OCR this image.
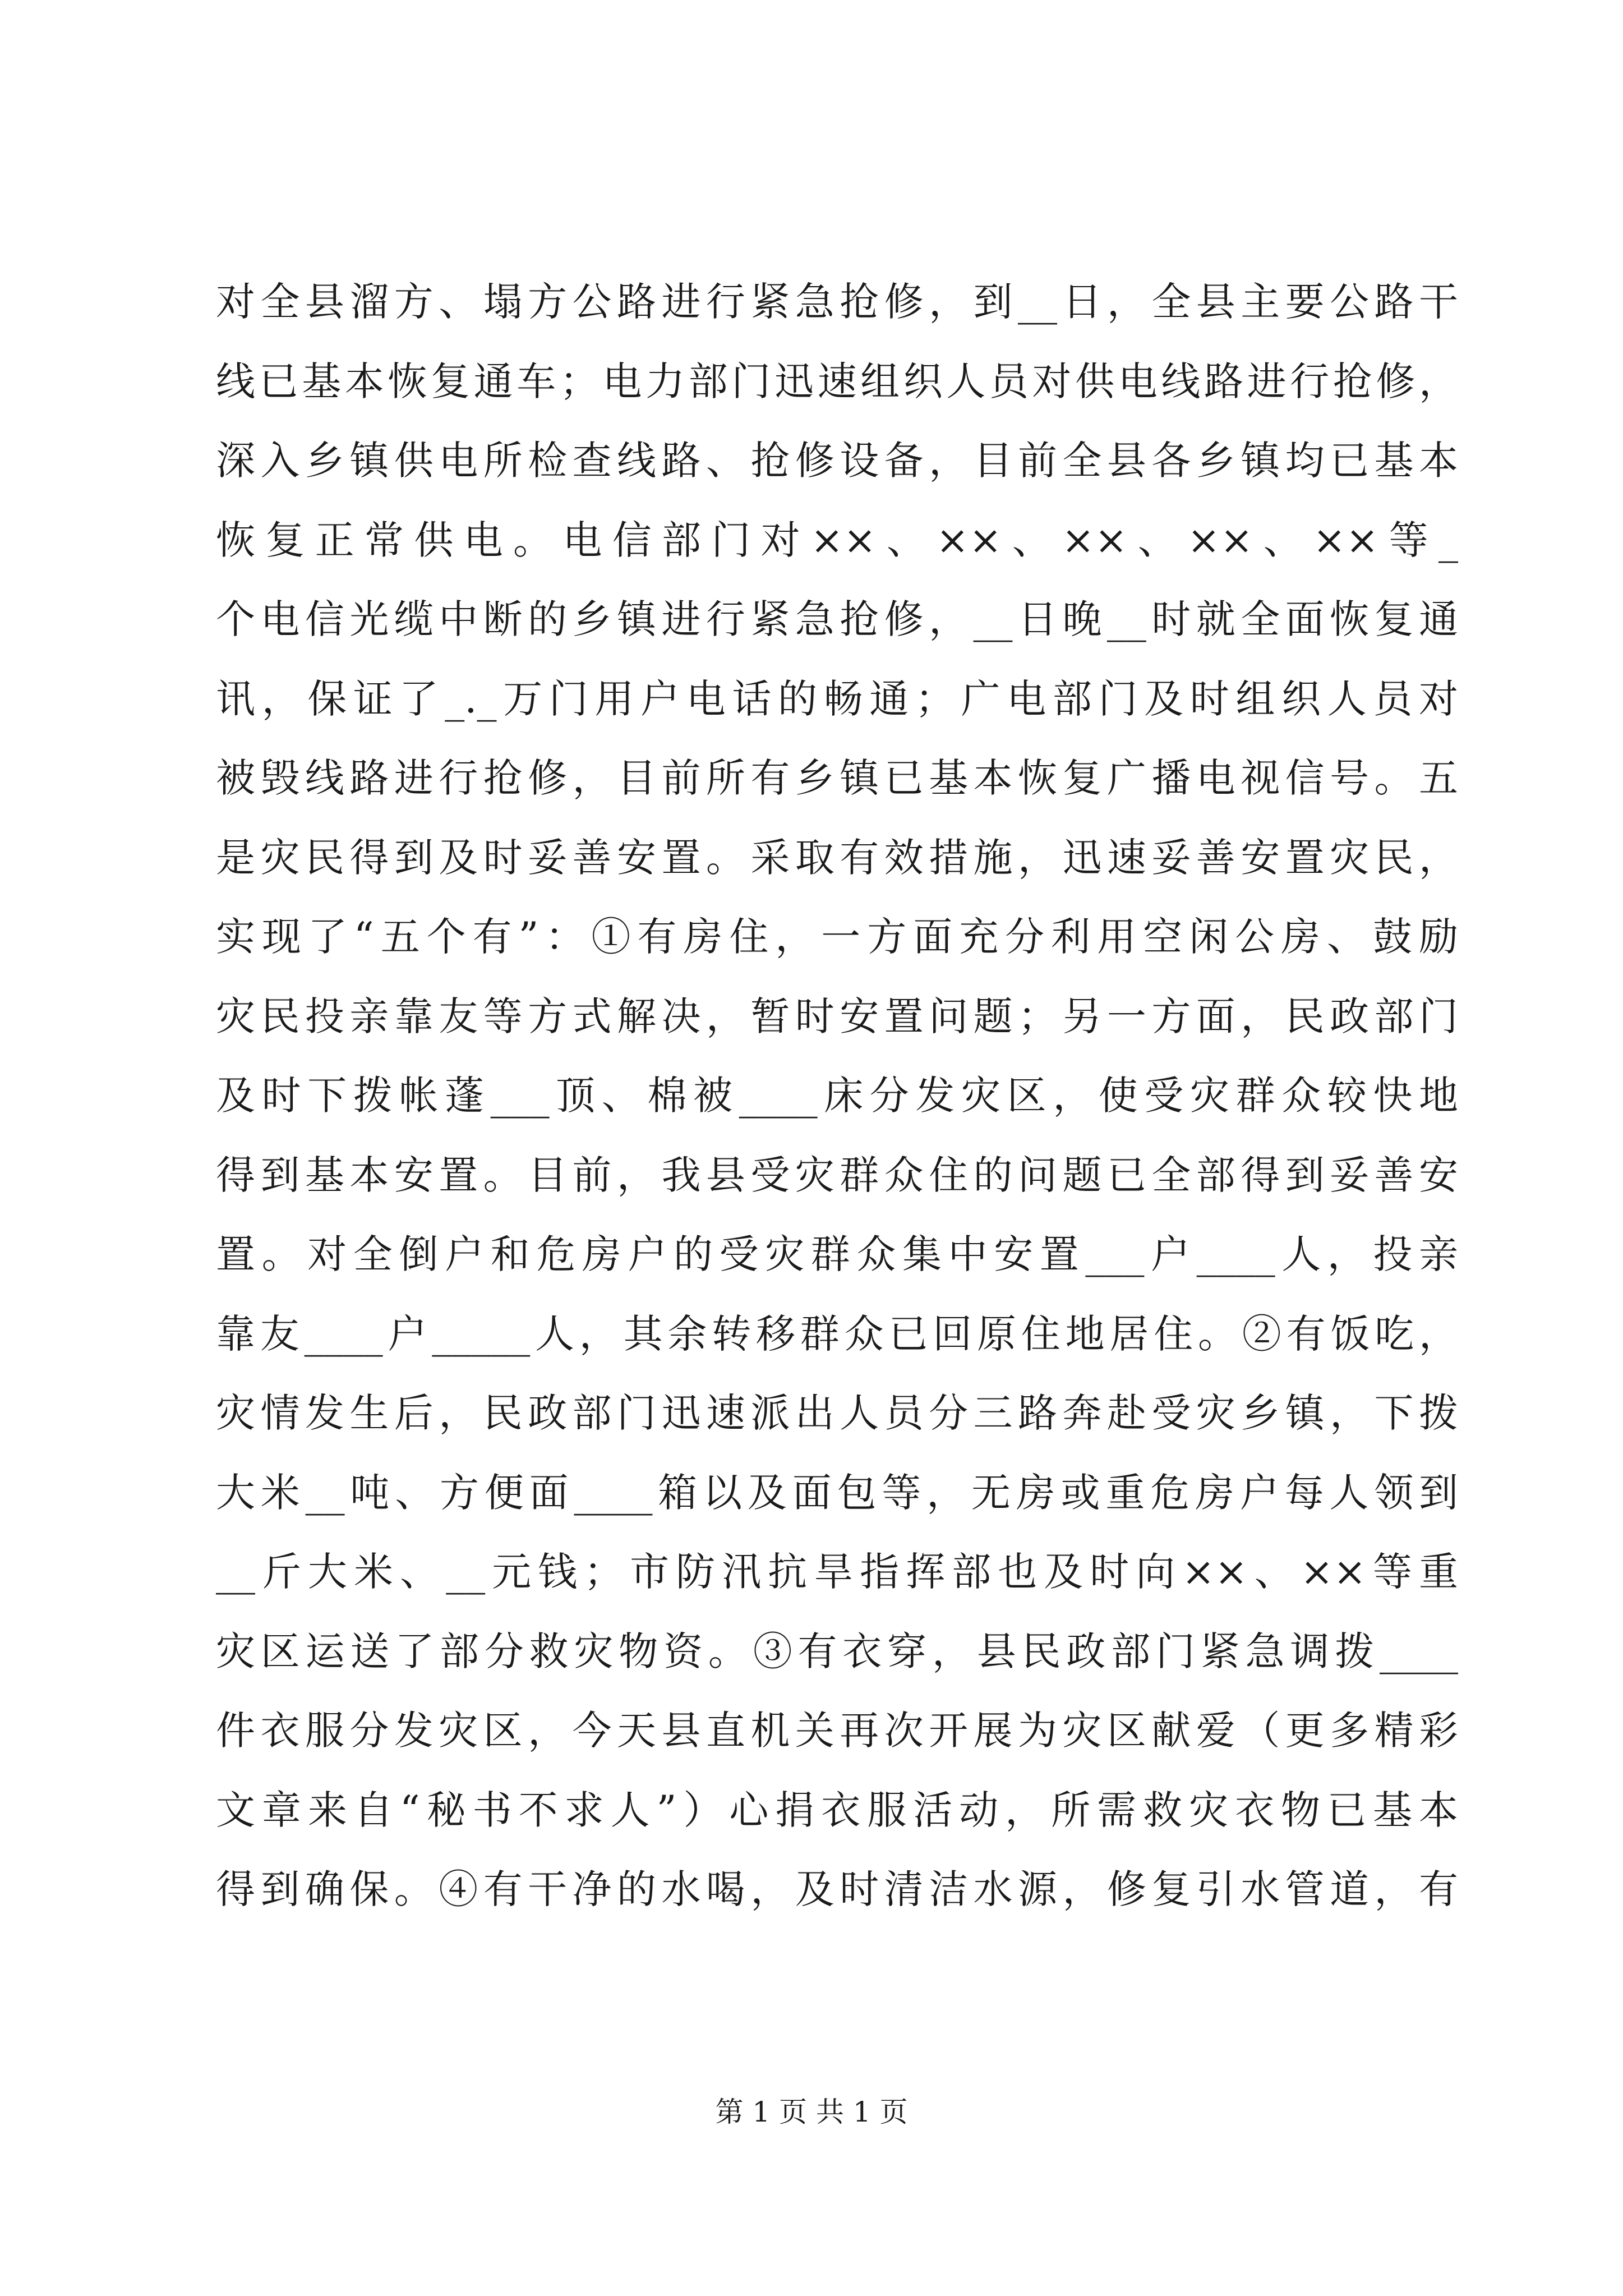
对全县溜方、塌方公路进行紧急抢修，到__日，全县主要公路干
线已基本恢复通车；电力部门迅速组织人员对供电线路进行抢修，
深入乡镇供电所检查线路、抢修设备，目前全县各乡镇均已基本
恢复正常供电。电信部门对××、××、××、××、××等_
个电信光缆中断的乡镇进行紧急抢修，__日晚__时就全面恢复通
讯，保证了_._万门用户电话的畅通；广电部门及时组织人员对
被毁线路进行抢修，目前所有乡镇已基本恢复广播电视信号。五
是灾民得到及时妥善安置。采取有效措施，迅速妥善安置灾民，
实现了“五个有”：①有房住，一方面充分利用空闲公房、鼓励
灾民投亲靠友等方式解决，暂时安置问题；另一方面，民政部门
及时下拨帐蓬___顶、棉被____床分发灾区，使受灾群众较快地
得到基本安置。目前，我县受灾群众住的问题已全部得到妥善安
置。对全倒户和危房户的受灾群众集中安置___户____人，投亲
靠友____户_____人，其余转移群众已回原住地居住。②有饭吃，
灾情发生后，民政部门迅速派出人员分三路奔赴受灾乡镇，下拨
大米__吨、方便面____箱以及面包等，无房或重危房户每人领到
__斤大米、__元钱；市防汛抗旱指挥部也及时向××、××等重
灾区运送了部分救灾物资。③有衣穿，县民政部门紧急调拨____
件衣服分发灾区，今天县直机关再次开展为灾区献爱（更多精彩
文章来自“秘书不求人”）心捐衣服活动，所需救灾衣物已基本
得到确保。④有干净的水喝，及时清洁水源，修复引水管道，有
第 1 页 共 1 页
